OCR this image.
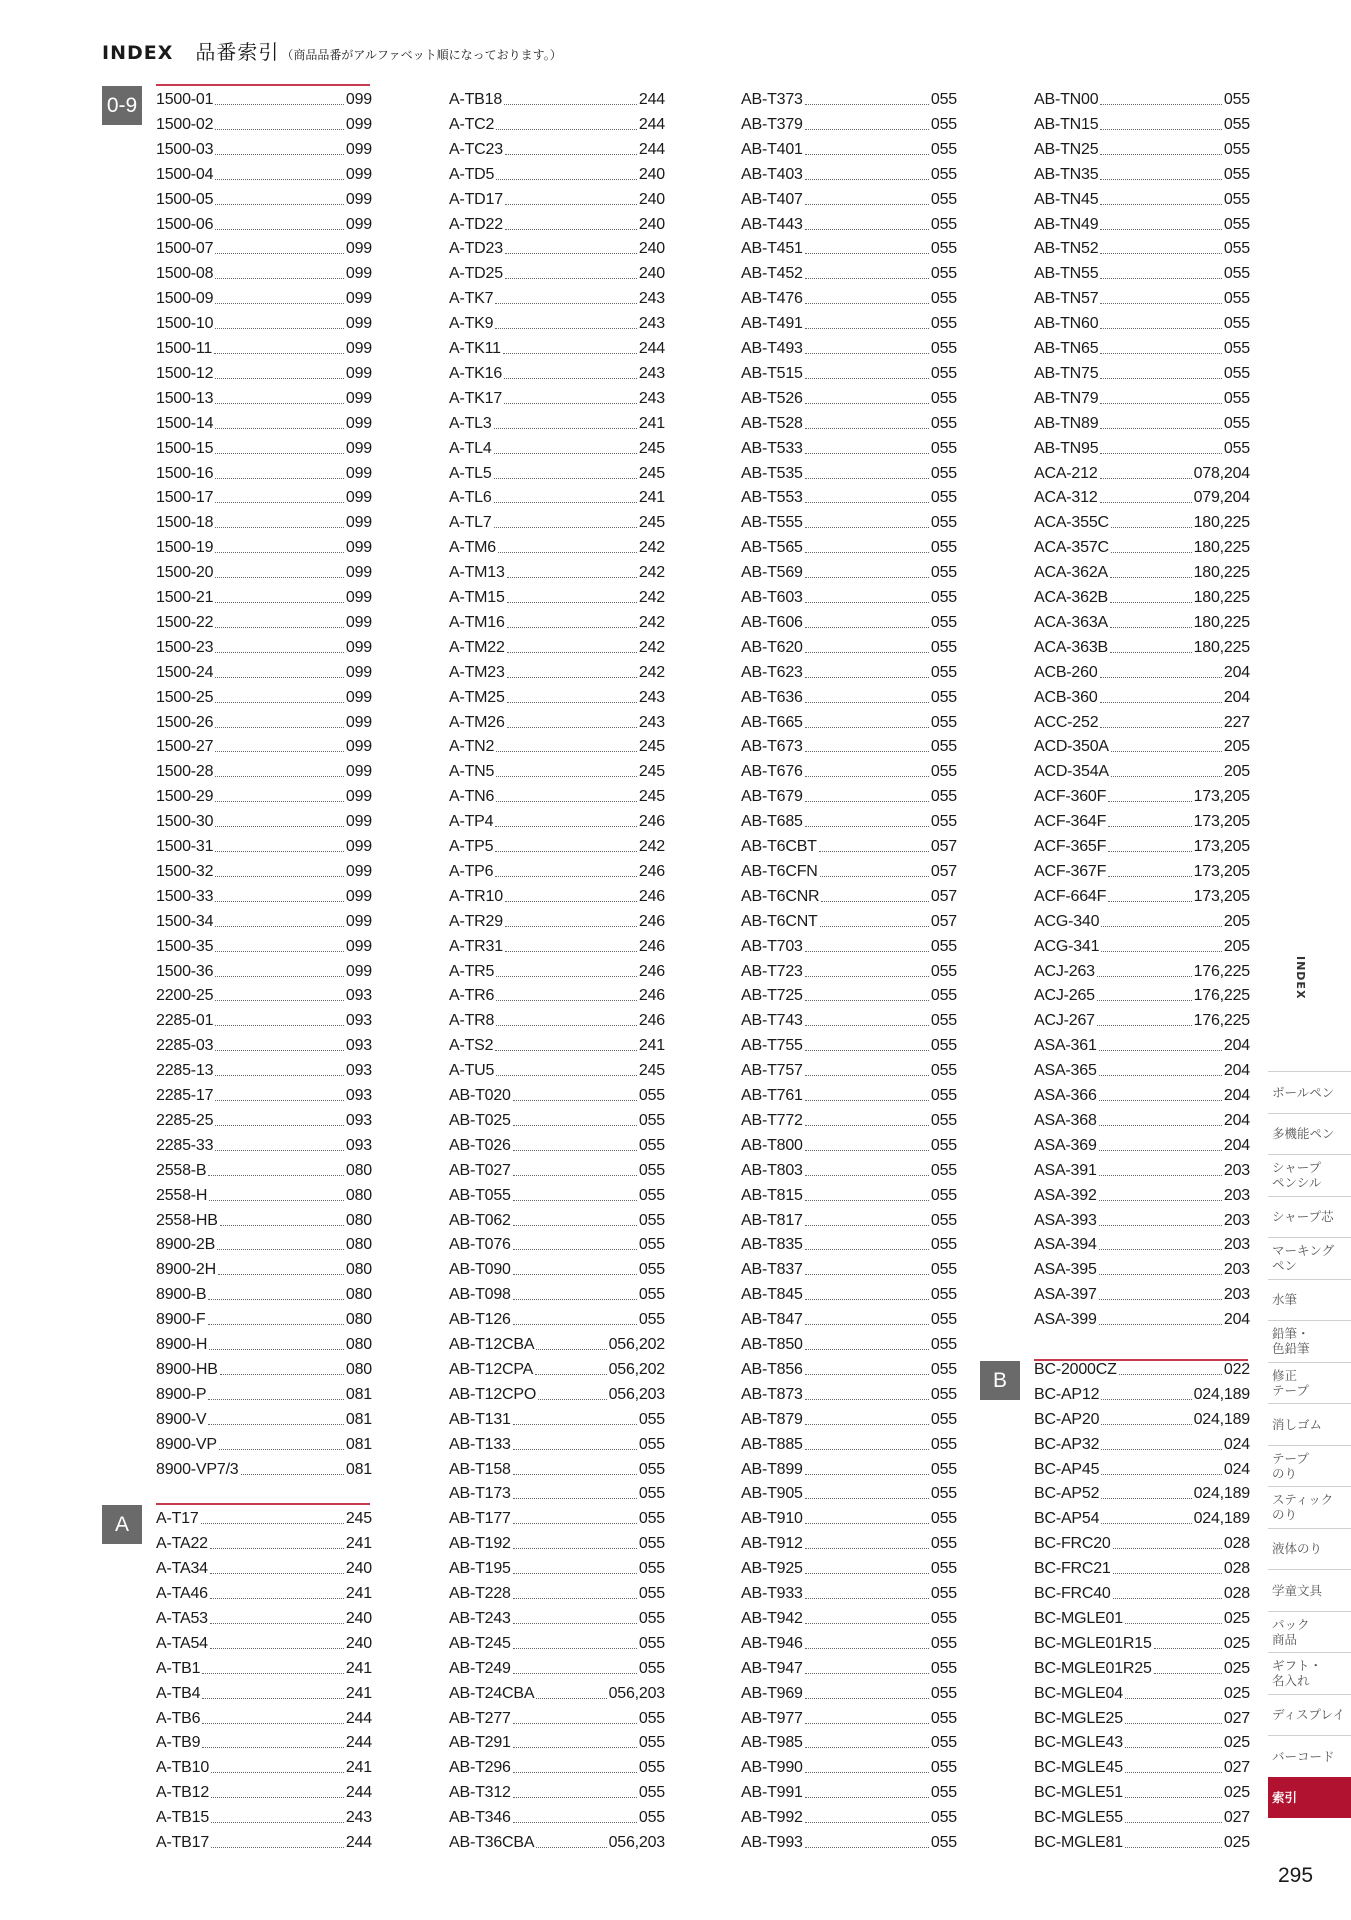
INDEX 品番索引 （商品品番がアルファベット順になっております。）
0-9
A
B
1500-01	099
1500-02	099
1500-03	099
1500-04	099
1500-05	099
1500-06	099
1500-07	099
1500-08	099
1500-09	099
1500-10	099
1500-11	099
1500-12	099
1500-13	099
1500-14	099
1500-15	099
1500-16	099
1500-17	099
1500-18	099
1500-19	099
1500-20	099
1500-21	099
1500-22	099
1500-23	099
1500-24	099
1500-25	099
1500-26	099
1500-27	099
1500-28	099
1500-29	099
1500-30	099
1500-31	099
1500-32	099
1500-33	099
1500-34	099
1500-35	099
1500-36	099
2200-25	093
2285-01	093
2285-03	093
2285-13	093
2285-17	093
2285-25	093
2285-33	093
2558-B	080
2558-H	080
2558-HB	080
8900-2B	080
8900-2H	080
8900-B	080
8900-F	080
8900-H	080
8900-HB	080
8900-P	081
8900-V	081
8900-VP	081
8900-VP7/3	081
A-T17	245
A-TA22	241
A-TA34	240
A-TA46	241
A-TA53	240
A-TA54	240
A-TB1	241
A-TB4	241
A-TB6	244
A-TB9	244
A-TB10	241
A-TB12	244
A-TB15	243
A-TB17	244
A-TB18	244
A-TC2	244
A-TC23	244
A-TD5	240
A-TD17	240
A-TD22	240
A-TD23	240
A-TD25	240
A-TK7	243
A-TK9	243
A-TK11	244
A-TK16	243
A-TK17	243
A-TL3	241
A-TL4	245
A-TL5	245
A-TL6	241
A-TL7	245
A-TM6	242
A-TM13	242
A-TM15	242
A-TM16	242
A-TM22	242
A-TM23	242
A-TM25	243
A-TM26	243
A-TN2	245
A-TN5	245
A-TN6	245
A-TP4	246
A-TP5	242
A-TP6	246
A-TR10	246
A-TR29	246
A-TR31	246
A-TR5	246
A-TR6	246
A-TR8	246
A-TS2	241
A-TU5	245
AB-T020	055
AB-T025	055
AB-T026	055
AB-T027	055
AB-T055	055
AB-T062	055
AB-T076	055
AB-T090	055
AB-T098	055
AB-T126	055
AB-T12CBA	056,202
AB-T12CPA	056,202
AB-T12CPO	056,203
AB-T131	055
AB-T133	055
AB-T158	055
AB-T173	055
AB-T177	055
AB-T192	055
AB-T195	055
AB-T228	055
AB-T243	055
AB-T245	055
AB-T249	055
AB-T24CBA	056,203
AB-T277	055
AB-T291	055
AB-T296	055
AB-T312	055
AB-T346	055
AB-T36CBA	056,203
AB-T373	055
AB-T379	055
AB-T401	055
AB-T403	055
AB-T407	055
AB-T443	055
AB-T451	055
AB-T452	055
AB-T476	055
AB-T491	055
AB-T493	055
AB-T515	055
AB-T526	055
AB-T528	055
AB-T533	055
AB-T535	055
AB-T553	055
AB-T555	055
AB-T565	055
AB-T569	055
AB-T603	055
AB-T606	055
AB-T620	055
AB-T623	055
AB-T636	055
AB-T665	055
AB-T673	055
AB-T676	055
AB-T679	055
AB-T685	055
AB-T6CBT	057
AB-T6CFN	057
AB-T6CNR	057
AB-T6CNT	057
AB-T703	055
AB-T723	055
AB-T725	055
AB-T743	055
AB-T755	055
AB-T757	055
AB-T761	055
AB-T772	055
AB-T800	055
AB-T803	055
AB-T815	055
AB-T817	055
AB-T835	055
AB-T837	055
AB-T845	055
AB-T847	055
AB-T850	055
AB-T856	055
AB-T873	055
AB-T879	055
AB-T885	055
AB-T899	055
AB-T905	055
AB-T910	055
AB-T912	055
AB-T925	055
AB-T933	055
AB-T942	055
AB-T946	055
AB-T947	055
AB-T969	055
AB-T977	055
AB-T985	055
AB-T990	055
AB-T991	055
AB-T992	055
AB-T993	055
AB-TN00	055
AB-TN15	055
AB-TN25	055
AB-TN35	055
AB-TN45	055
AB-TN49	055
AB-TN52	055
AB-TN55	055
AB-TN57	055
AB-TN60	055
AB-TN65	055
AB-TN75	055
AB-TN79	055
AB-TN89	055
AB-TN95	055
ACA-212	078,204
ACA-312	079,204
ACA-355C	180,225
ACA-357C	180,225
ACA-362A	180,225
ACA-362B	180,225
ACA-363A	180,225
ACA-363B	180,225
ACB-260	204
ACB-360	204
ACC-252	227
ACD-350A	205
ACD-354A	205
ACF-360F	173,205
ACF-364F	173,205
ACF-365F	173,205
ACF-367F	173,205
ACF-664F	173,205
ACG-340	205
ACG-341	205
ACJ-263	176,225
ACJ-265	176,225
ACJ-267	176,225
ASA-361	204
ASA-365	204
ASA-366	204
ASA-368	204
ASA-369	204
ASA-391	203
ASA-392	203
ASA-393	203
ASA-394	203
ASA-395	203
ASA-397	203
ASA-399	204
BC-2000CZ	022
BC-AP12	024,189
BC-AP20	024,189
BC-AP32	024
BC-AP45	024
BC-AP52	024,189
BC-AP54	024,189
BC-FRC20	028
BC-FRC21	028
BC-FRC40	028
BC-MGLE01	025
BC-MGLE01R15	025
BC-MGLE01R25	025
BC-MGLE04	025
BC-MGLE25	027
BC-MGLE43	025
BC-MGLE45	027
BC-MGLE51	025
BC-MGLE55	027
BC-MGLE81	025
INDEX
ボールペン
多機能ペン
シャープ
ペンシル
シャープ芯
マーキング
ペン
水筆
鉛筆・
色鉛筆
修正
テープ
消しゴム
テープ
のり
スティック
のり
液体のり
学童文具
パック
商品
ギフト・
名入れ
ディスプレイ
バーコード
索引
295
